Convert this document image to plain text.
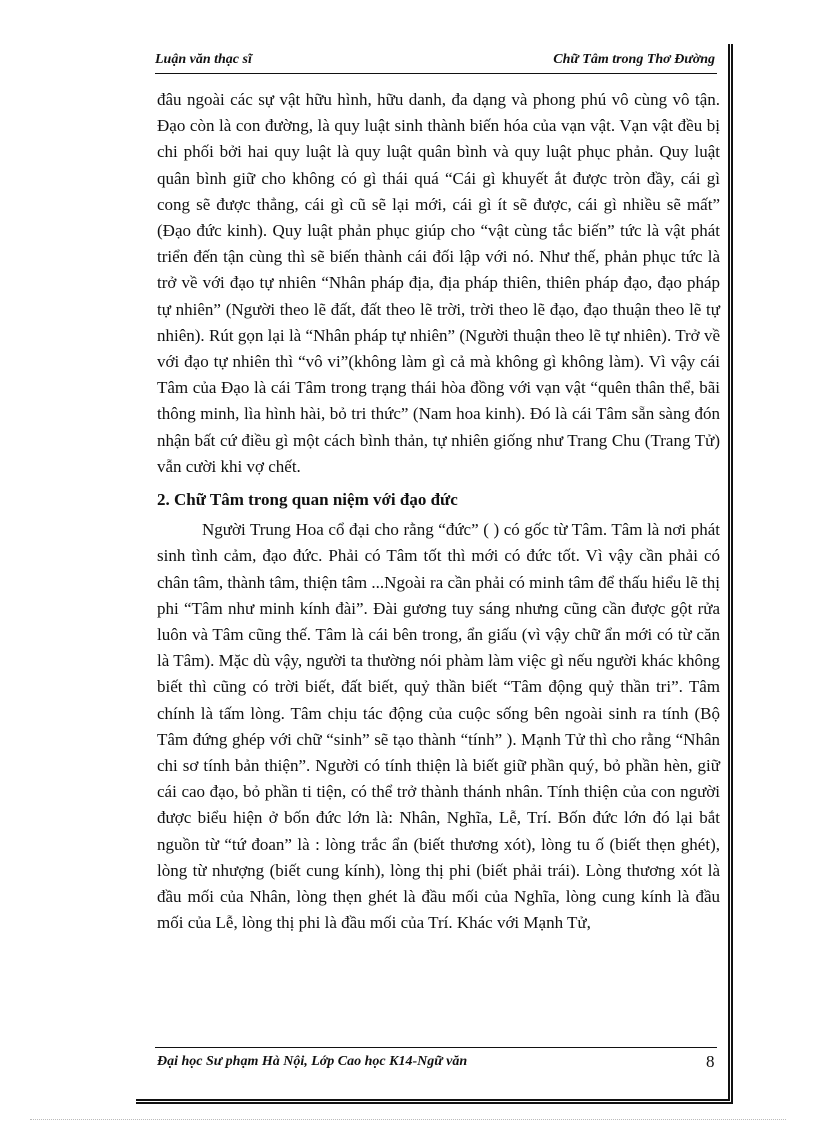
Luận văn thạc sĩ	Chữ Tâm trong Thơ Đường

đâu ngoài các sự vật hữu hình, hữu danh, đa dạng và phong phú vô cùng vô tận. Đạo còn là con đường, là quy luật sinh thành biến hóa của vạn vật. Vạn vật đều bị chi phối bởi hai quy luật là quy luật quân bình và quy luật phục phản. Quy luật quân bình giữ cho không có gì thái quá “Cái gì khuyết ắt được tròn đầy, cái gì cong sẽ được thẳng, cái gì cũ sẽ lại mới, cái gì ít sẽ được, cái gì nhiều sẽ mất” (Đạo đức kinh). Quy luật phản phục giúp cho “vật cùng tắc biến” tức là vật phát triển đến tận cùng thì sẽ biến thành cái đối lập với nó. Như thế, phản phục tức là trở về với đạo tự nhiên “Nhân pháp địa, địa pháp thiên, thiên pháp đạo, đạo pháp tự nhiên” (Người theo lẽ đất, đất theo lẽ trời, trời theo lẽ đạo, đạo thuận theo lẽ tự nhiên). Rút gọn lại là “Nhân pháp tự nhiên” (Người thuận theo lẽ tự nhiên). Trở về với đạo tự nhiên thì “vô vi”(không làm gì cả mà không gì không làm). Vì vậy cái Tâm của Đạo là cái Tâm trong trạng thái hòa đồng với vạn vật “quên thân thể, bãi thông minh, lìa hình hài, bỏ tri thức” (Nam hoa kinh). Đó là cái Tâm sẵn sàng đón nhận bất cứ điều gì một cách bình thản, tự nhiên giống như Trang Chu (Trang Tử) vẫn cười khi vợ chết.

2. Chữ Tâm trong quan niệm với đạo đức

Người Trung Hoa cổ đại cho rằng “đức” ( ) có gốc từ Tâm. Tâm là nơi phát sinh tình cảm, đạo đức. Phải có Tâm tốt thì mới có đức tốt. Vì vậy cần phải có chân tâm, thành tâm, thiện tâm ...Ngoài ra cần phải có minh tâm để thấu hiểu lẽ thị phi “Tâm như minh kính đài”. Đài gương tuy sáng nhưng cũng cần được gột rửa luôn và Tâm cũng thế. Tâm là cái bên trong, ẩn giấu (vì vậy chữ ẩn mới có từ căn là Tâm). Mặc dù vậy, người ta thường nói phàm làm việc gì nếu người khác không biết thì cũng có trời biết, đất biết, quỷ thần biết “Tâm động quỷ thần tri”. Tâm chính là tấm lòng. Tâm chịu tác động của cuộc sống bên ngoài sinh ra tính (Bộ Tâm đứng ghép với chữ “sinh” sẽ tạo thành “tính” ). Mạnh Tử thì cho rằng “Nhân chi sơ tính bản thiện”. Người có tính thiện là biết giữ phần quý, bỏ phần hèn, giữ cái cao đạo, bỏ phần ti tiện, có thể trở thành thánh nhân. Tính thiện của con người được biểu hiện ở bốn đức lớn là: Nhân, Nghĩa, Lễ, Trí. Bốn đức lớn đó lại bắt nguồn từ “tứ đoan” là : lòng trắc ẩn (biết thương xót), lòng tu ố (biết thẹn ghét), lòng từ nhượng (biết cung kính), lòng thị phi (biết phải trái). Lòng thương xót là đầu mối của Nhân, lòng thẹn ghét là đầu mối của Nghĩa, lòng cung kính là đầu mối của Lễ, lòng thị phi là đầu mối của Trí. Khác với Mạnh Tử,

Đại học Sư phạm Hà Nội, Lớp Cao học K14-Ngữ văn	8
